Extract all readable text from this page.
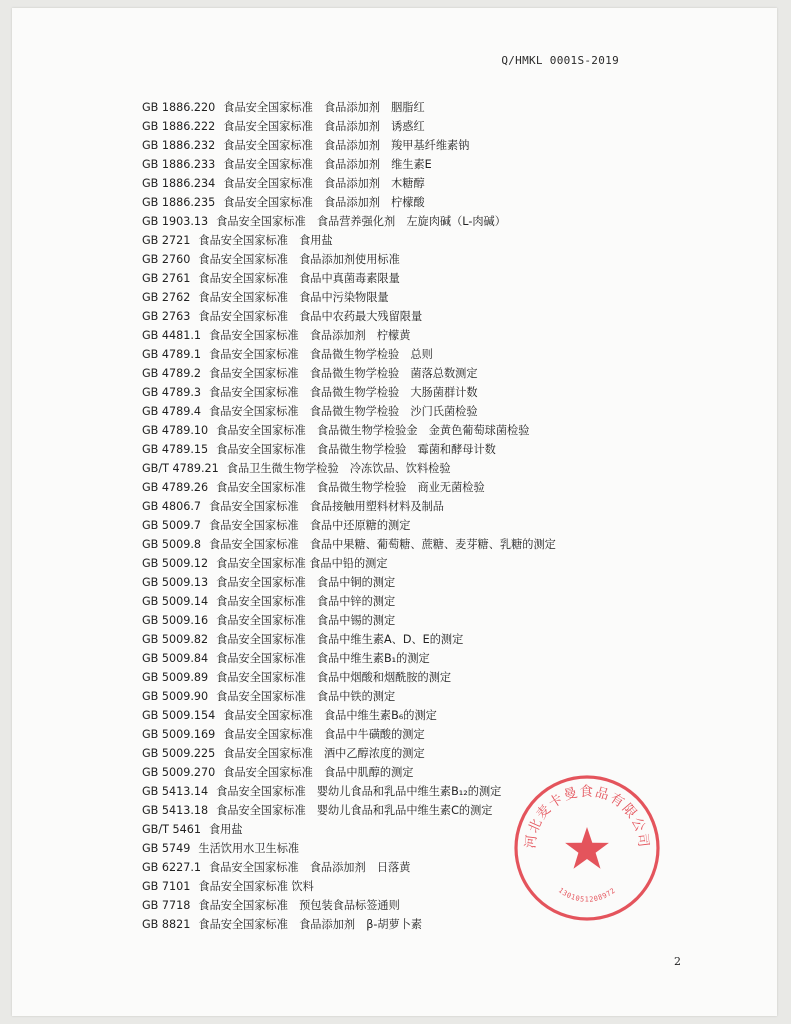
Q/HMKL 0001S-2019
GB 1886.220 食品安全国家标准　食品添加剂　胭脂红
GB 1886.222 食品安全国家标准　食品添加剂　诱惑红
GB 1886.232 食品安全国家标准　食品添加剂　羧甲基纤维素钠
GB 1886.233 食品安全国家标准　食品添加剂　维生素E
GB 1886.234 食品安全国家标准　食品添加剂　木糖醇
GB 1886.235 食品安全国家标准　食品添加剂　柠檬酸
GB 1903.13 食品安全国家标准　食品营养强化剂　左旋肉碱（L-肉碱）
GB 2721 食品安全国家标准　食用盐
GB 2760 食品安全国家标准　食品添加剂使用标准
GB 2761 食品安全国家标准　食品中真菌毒素限量
GB 2762 食品安全国家标准　食品中污染物限量
GB 2763 食品安全国家标准　食品中农药最大残留限量
GB 4481.1 食品安全国家标准　食品添加剂　柠檬黄
GB 4789.1 食品安全国家标准　食品微生物学检验　总则
GB 4789.2 食品安全国家标准　食品微生物学检验　菌落总数测定
GB 4789.3 食品安全国家标准　食品微生物学检验　大肠菌群计数
GB 4789.4 食品安全国家标准　食品微生物学检验　沙门氏菌检验
GB 4789.10 食品安全国家标准　食品微生物学检验金　金黄色葡萄球菌检验
GB 4789.15 食品安全国家标准　食品微生物学检验　霉菌和酵母计数
GB/T 4789.21 食品卫生微生物学检验　冷冻饮品、饮料检验
GB 4789.26 食品安全国家标准　食品微生物学检验　商业无菌检验
GB 4806.7 食品安全国家标准　食品接触用塑料材料及制品
GB 5009.7 食品安全国家标准　食品中还原糖的测定
GB 5009.8 食品安全国家标准　食品中果糖、葡萄糖、蔗糖、麦芽糖、乳糖的测定
GB 5009.12 食品安全国家标准 食品中铅的测定
GB 5009.13 食品安全国家标准　食品中铜的测定
GB 5009.14 食品安全国家标准　食品中锌的测定
GB 5009.16 食品安全国家标准　食品中锡的测定
GB 5009.82 食品安全国家标准　食品中维生素A、D、E的测定
GB 5009.84 食品安全国家标准　食品中维生素B₁的测定
GB 5009.89 食品安全国家标准　食品中烟酸和烟酰胺的测定
GB 5009.90 食品安全国家标准　食品中铁的测定
GB 5009.154 食品安全国家标准　食品中维生素B₆的测定
GB 5009.169 食品安全国家标准　食品中牛磺酸的测定
GB 5009.225 食品安全国家标准　酒中乙醇浓度的测定
GB 5009.270 食品安全国家标准　食品中肌醇的测定
GB 5413.14 食品安全国家标准　婴幼儿食品和乳品中维生素B₁₂的测定
GB 5413.18 食品安全国家标准　婴幼儿食品和乳品中维生素C的测定
GB/T 5461 食用盐
GB 5749 生活饮用水卫生标准
GB 6227.1 食品安全国家标准　食品添加剂　日落黄
GB 7101 食品安全国家标准 饮料
GB 7718 食品安全国家标准　预包装食品标签通则
GB 8821 食品安全国家标准　食品添加剂　β-胡萝卜素
河北麦卡曼食品有限公司
1301051208972
2
